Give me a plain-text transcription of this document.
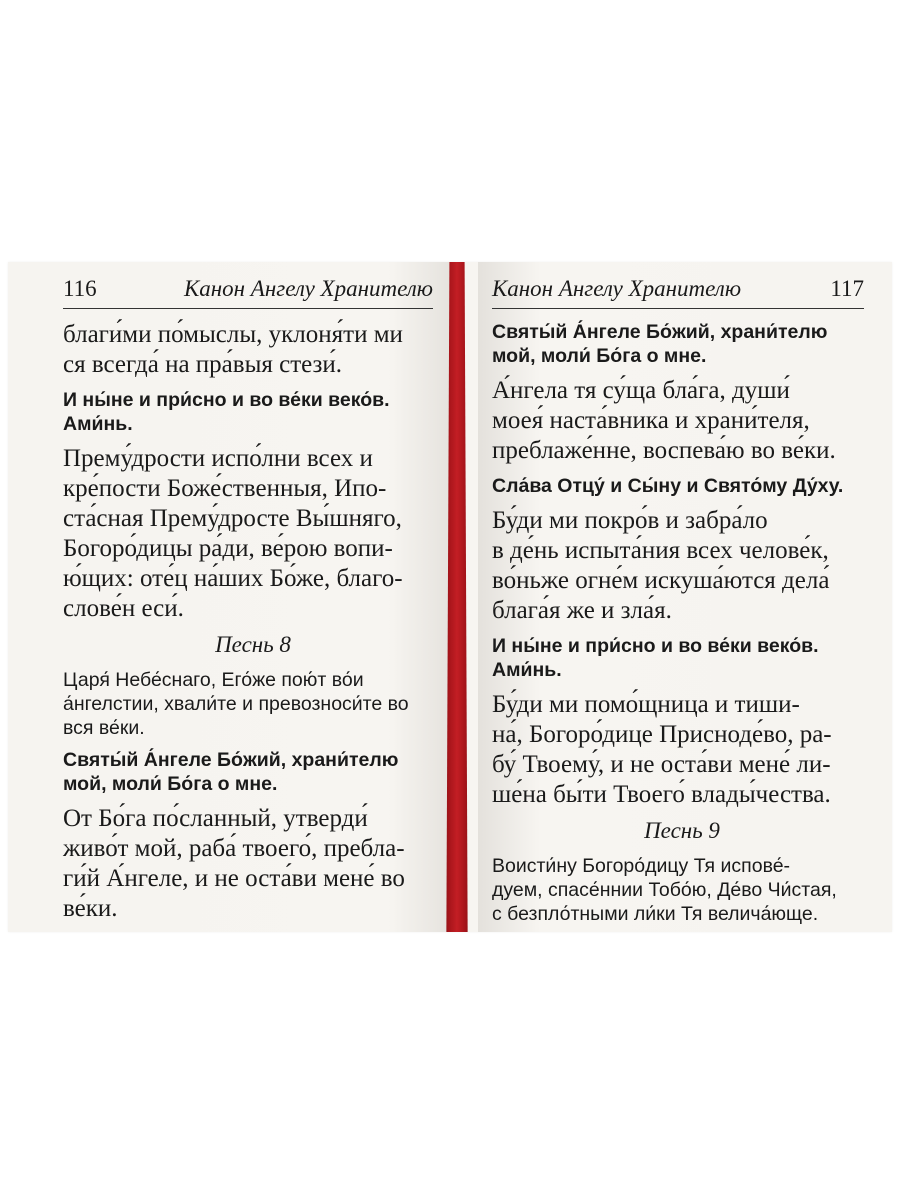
116	Канон Ангелу Хранителю
благи́ми по́мыслы, уклоня́ти ми
ся всегда́ на пра́выя стези́.
И ны́не и при́сно и во ве́ки веко́в.
Ами́нь.
Прему́дрости испо́лни всех и
кре́пости Боже́ственныя, Ипо-
ста́сная Прему́дросте Вы́шняго,
Богоро́дицы ра́ди, ве́рою вопи-
ю́щих: оте́ц на́ших Бо́же, благо-
слове́н еси́.
Песнь 8
Царя́ Небе́снаго, Его́же пою́т во́и
а́нгелстии, хвали́те и превозноси́те во
вся ве́ки.
Святы́й А́нгеле Бо́жий, храни́телю
мой, моли́ Бо́га о мне.
От Бо́га по́сланный, утверди́
живо́т мой, раба́ твоего́, пребла-
ги́й А́нгеле, и не оста́ви мене́ во
ве́ки.
Канон Ангелу Хранителю	117
Святы́й А́нгеле Бо́жий, храни́телю
мой, моли́ Бо́га о мне.
А́нгела тя су́ща бла́га, души́
моея́ наста́вника и храни́теля,
преблаже́нне, воспева́ю во ве́ки.
Сла́ва Отцу́ и Сы́ну и Свято́му Ду́ху.
Бу́ди ми покро́в и забра́ло
в де́нь испыта́ния всех челове́к,
во́ньже огне́м искуша́ются дела́
блага́я же и зла́я.
И ны́не и при́сно и во ве́ки веко́в.
Ами́нь.
Бу́ди ми помо́щница и тиши-
на́, Богоро́дице Присноде́во, ра-
бу́ Твоему́, и не оста́ви мене́ ли-
ше́на бы́ти Твоего́ влады́чества.
Песнь 9
Воисти́ну Богоро́дицу Тя испове́-
дуем, спасе́ннии Тобо́ю, Де́во Чи́стая,
с безпло́тными ли́ки Тя велича́юще.
